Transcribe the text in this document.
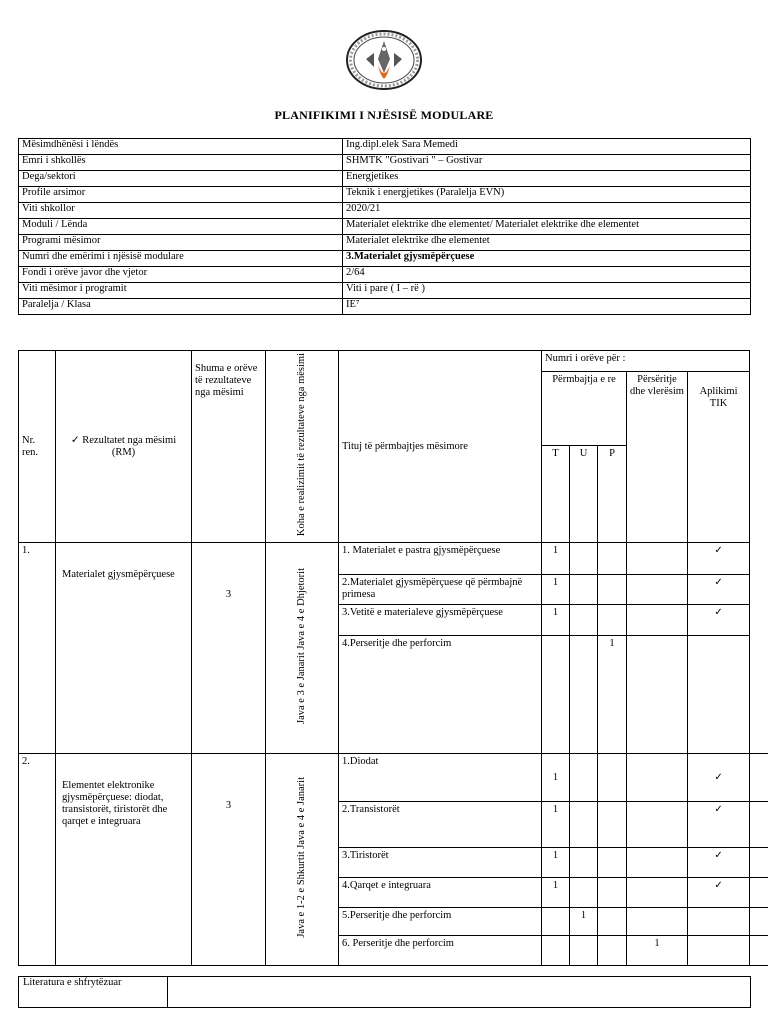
PLANIFIKIMI I NJËSISË MODULARE
Mësimdhënësi i lëndës	Ing.dipl.elek Sara Memedi
Emri i shkollës	SHMTK "Gostivari " – Gostivar
Dega/sektori	Energjetikes
Profile arsimor	Teknik i energjetikes (Paralelja EVN)
Viti shkollor	2020/21
Moduli / Lënda	Materialet elektrike dhe elementet/ Materialet elektrike dhe elementet
Programi mësimor	Materialet elektrike dhe elementet
Numri dhe emërimi i njësisë modulare	3.Materialet gjysmëpërçuese
Fondi i orëve javor dhe vjetor	2/64
Viti mësimor i programit	Viti i pare ( I – rë )
Paralelja / Klasa	IE⁷
Nr. ren.	✓ Rezultatet nga mësimi (RM)	Shuma e orëve të rezultateve nga mësimi	Koha e realizimit të rezultateve nga mësimi	Tituj të përmbajtjes mësimore	Numri i orëve për :					
					Përmbajtja e re			Përsëritje dhe vlerësim	Aplikimi TIK	
					T	U	P			
1.	Materialet gjysmëpërçuese	3	Java e 3 e Janarit Java e 4 e Dhjetorit	1. Materialet e pastra gjysmëpërçuese	1				✓	
				2.Materialet gjysmëpërçuese që përmbajnë primesa	1				✓	
				3.Vetitë e materialeve gjysmëpërçuese	1				✓	
				4.Perseritje dhe perforcim			1			
2.	Elementet elektronike gjysmëpërçuese: diodat, transistorët, tiristorët dhe qarqet e integruara	3	Java e 1-2 e Shkurtit Java e 4 e Janarit	1.Diodat	1				✓	
				2.Transistorët	1				✓	
				3.Tiristorët	1				✓	
				4.Qarqet e integruara	1				✓	
				5.Perseritje dhe perforcim		1				
				6. Perseritje dhe perforcim				1		
Literatura e shfrytëzuar	
